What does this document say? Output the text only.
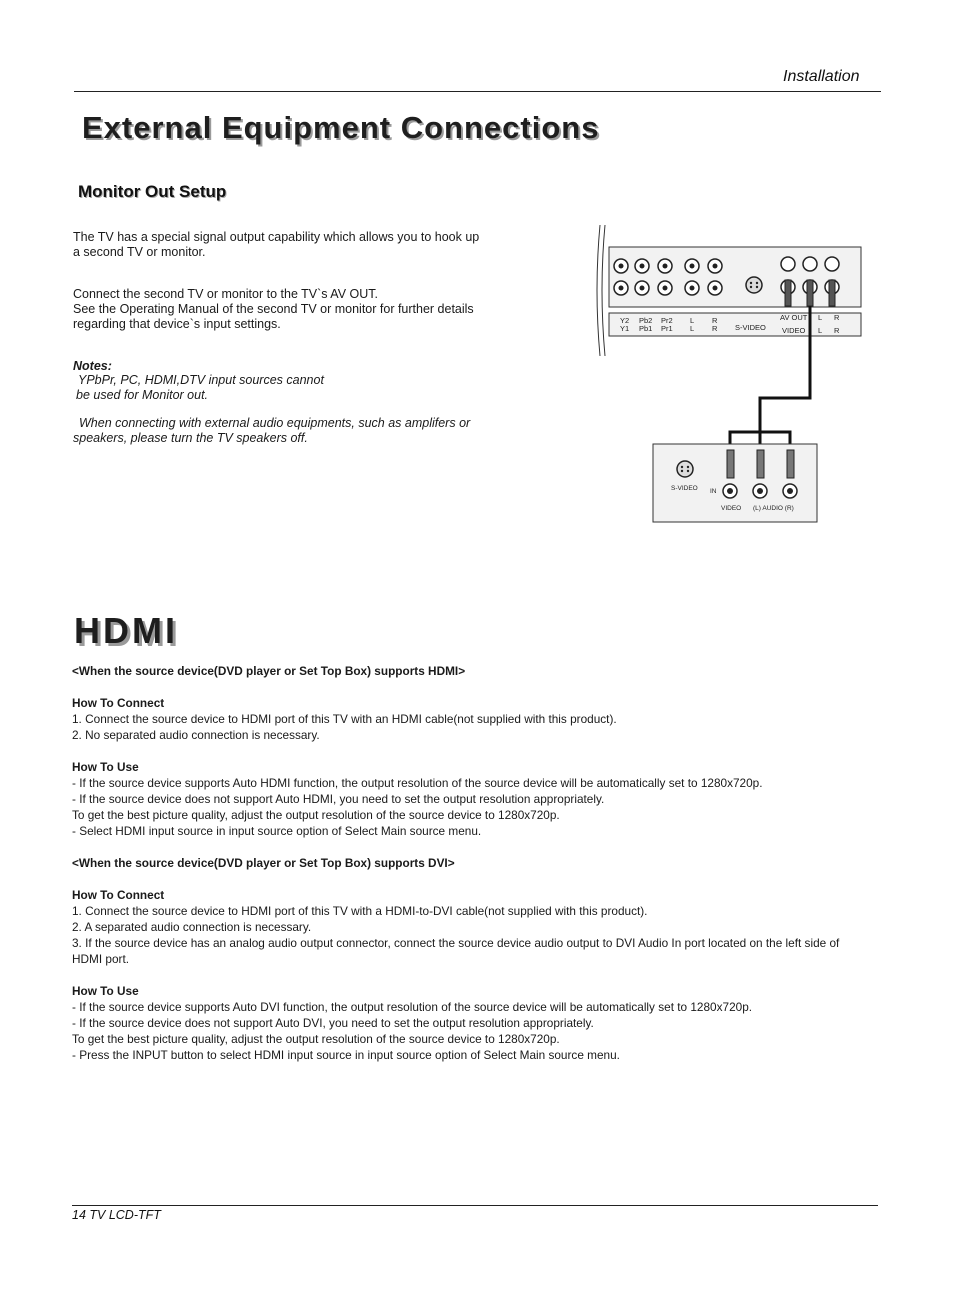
Installation
External Equipment Connections
Monitor Out Setup
The TV has a special signal output capability which allows you to hook up a second TV or monitor.
Connect the second TV or monitor to the TV`s AV OUT.
See the Operating Manual of the second TV or monitor for further details regarding that device`s input settings.
Notes:
YPbPr, PC, HDMI,DTV input sources cannot be used for Monitor out.
When connecting with external audio equipments, such as amplifers or speakers, please turn the TV speakers off.
Y2
Y1
Pb2
Pb1
Pr2
Pr1
L
L
R
R S-VIDEO
AV OUT
VIDEO
L R
L R
S-VIDEO IN
VIDEO (L) AUDIO (R)
HDMI
<When the source device(DVD player or Set Top Box) supports HDMI>
How To Connect
1. Connect the source device to HDMI port of this TV with an HDMI cable(not supplied with this product).
2. No separated audio connection is necessary.
How To Use
- If the source device supports Auto HDMI function, the output resolution of the source device will be automatically set to 1280x720p.
- If the source device does not support Auto HDMI, you need to set the output resolution appropriately.
To get the best picture quality, adjust the output resolution of the source device to 1280x720p.
- Select HDMI input source in input source option of Select Main source menu.
<When the source device(DVD player or Set Top Box) supports DVI>
How To Connect
1. Connect the source device to HDMI port of this TV with a HDMI-to-DVI cable(not supplied with this product).
2. A separated audio connection is necessary.
3. If the source device has an analog audio output connector, connect the source device audio output to DVI Audio In port located on the left side of HDMI port.
How To Use
- If the source device supports Auto DVI function, the output resolution of the source device will be automatically set to 1280x720p.
- If the source device does not support Auto DVI, you need to set the output resolution appropriately.
To get the best picture quality, adjust the output resolution of the source device to 1280x720p.
- Press the INPUT button to select HDMI input source in input source option of Select Main source menu.
14 TV LCD-TFT
